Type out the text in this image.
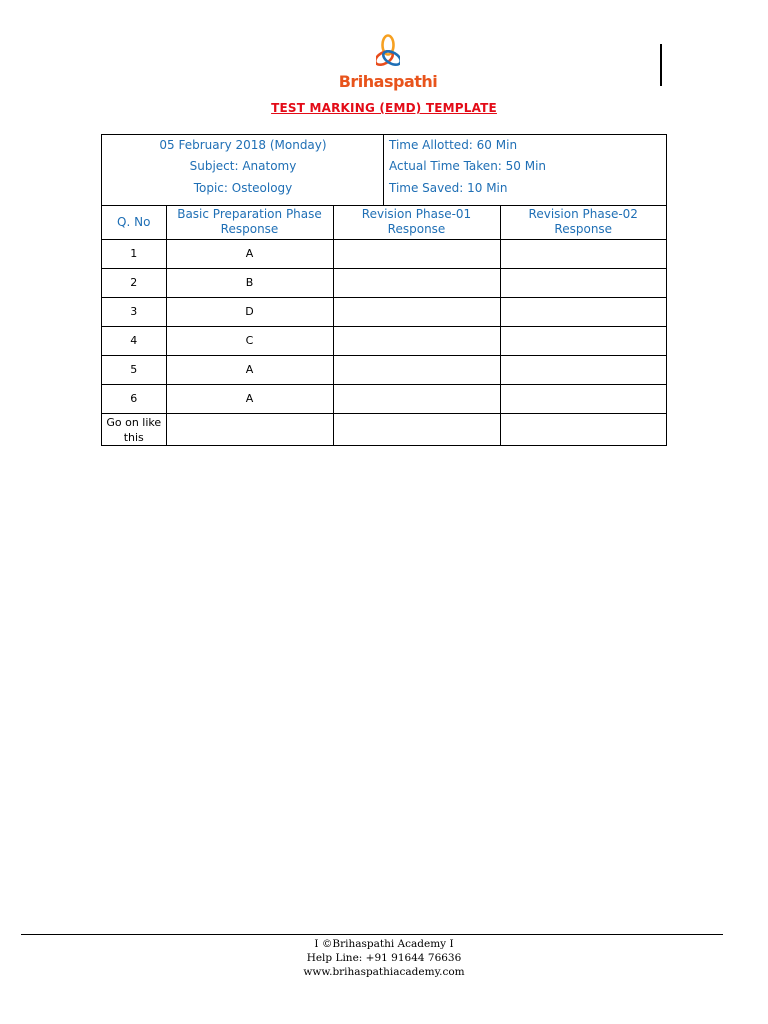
Brihaspathi
TEST MARKING (EMD) TEMPLATE
05 February 2018 (Monday)
Subject: Anatomy
Topic: Osteology
Time Allotted: 60 Min
Actual Time Taken: 50 Min
Time Saved: 10 Min
Q. No	Basic Preparation Phase Response	Revision Phase-01 Response	Revision Phase-02 Response
1	A		
2	B		
3	D		
4	C		
5	A		
6	A		
Go on like this			
I ©Brihaspathi Academy I
Help Line: +91 91644 76636
www.brihaspathiacademy.com
